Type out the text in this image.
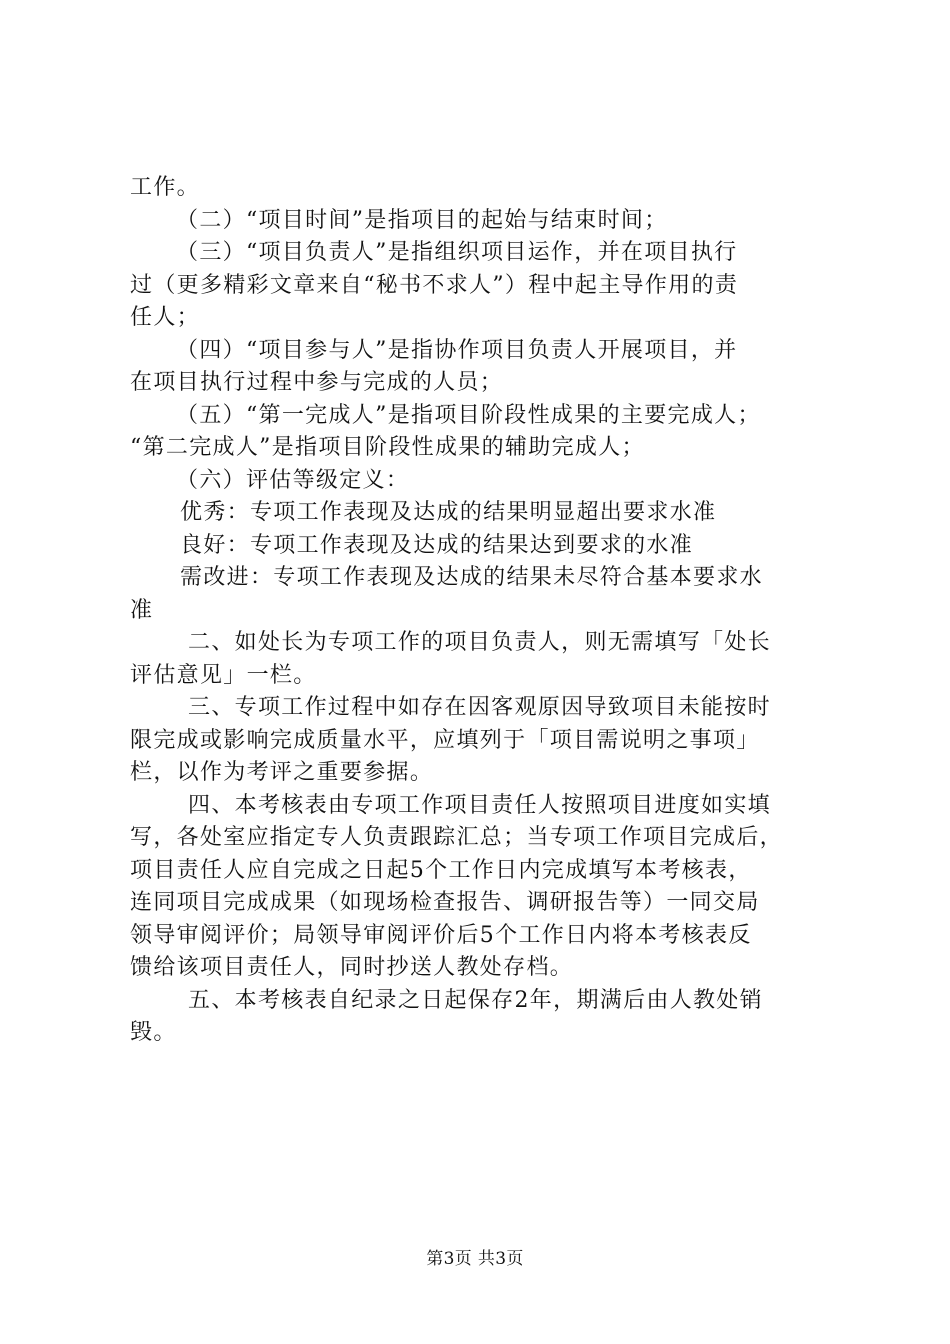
工作。
（二）“项目时间”是指项目的起始与结束时间；
（三）“项目负责人”是指组织项目运作，并在项目执行
过（更多精彩文章来自“秘书不求人”）程中起主导作用的责
任人；
（四）“项目参与人”是指协作项目负责人开展项目，并
在项目执行过程中参与完成的人员；
（五）“第一完成人”是指项目阶段性成果的主要完成人；
“第二完成人”是指项目阶段性成果的辅助完成人；
（六）评估等级定义：
优秀：专项工作表现及达成的结果明显超出要求水准
良好：专项工作表现及达成的结果达到要求的水准
需改进：专项工作表现及达成的结果未尽符合基本要求水
准
二、如处长为专项工作的项目负责人，则无需填写「处长
评估意见」一栏。
三、专项工作过程中如存在因客观原因导致项目未能按时
限完成或影响完成质量水平，应填列于「项目需说明之事项」
栏，以作为考评之重要参据。
四、本考核表由专项工作项目责任人按照项目进度如实填
写，各处室应指定专人负责跟踪汇总；当专项工作项目完成后，
项目责任人应自完成之日起5个工作日内完成填写本考核表，
连同项目完成成果（如现场检查报告、调研报告等）一同交局
领导审阅评价；局领导审阅评价后5个工作日内将本考核表反
馈给该项目责任人，同时抄送人教处存档。
五、本考核表自纪录之日起保存2年，期满后由人教处销
毁。
第3页 共3页
